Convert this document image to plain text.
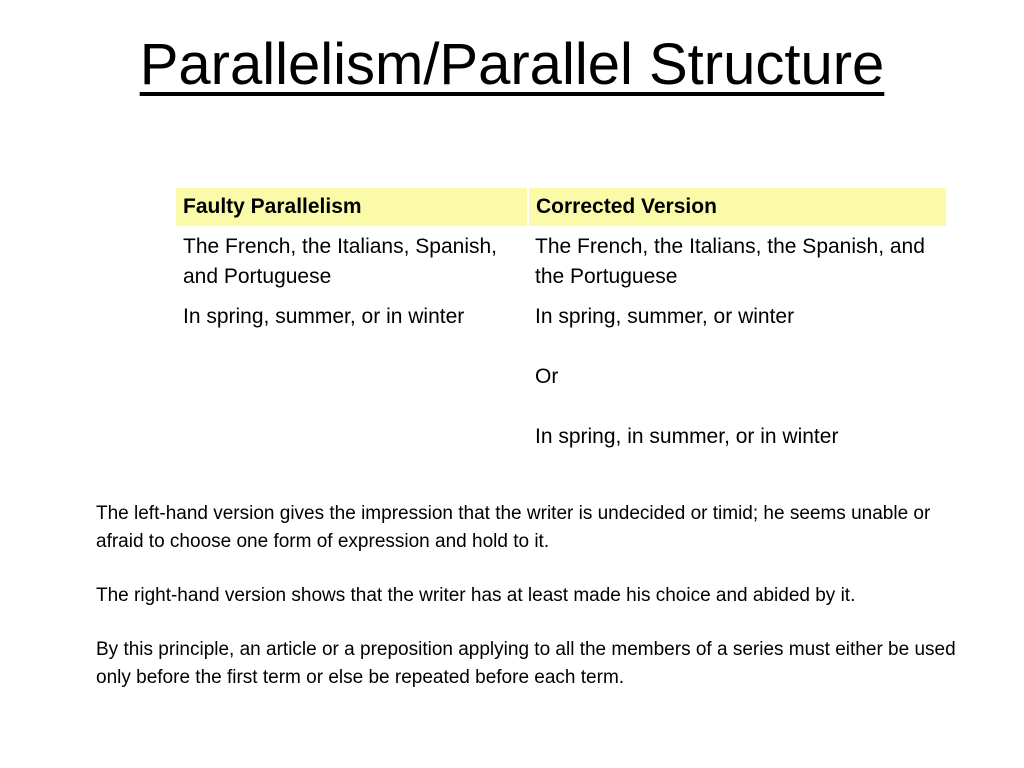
Parallelism/Parallel Structure
Faulty Parallelism	Corrected Version
The French, the Italians, Spanish, and Portuguese	The French, the Italians, the Spanish, and the Portuguese
In spring, summer, or in winter	In spring, summer, or winter
Or
In spring, in summer, or in winter

The left-hand version gives the impression that the writer is undecided or timid; he seems unable or afraid to choose one form of expression and hold to it.

The right-hand version shows that the writer has at least made his choice and abided by it.

By this principle, an article or a preposition applying to all the members of a series must either be used only before the first term or else be repeated before each term.
